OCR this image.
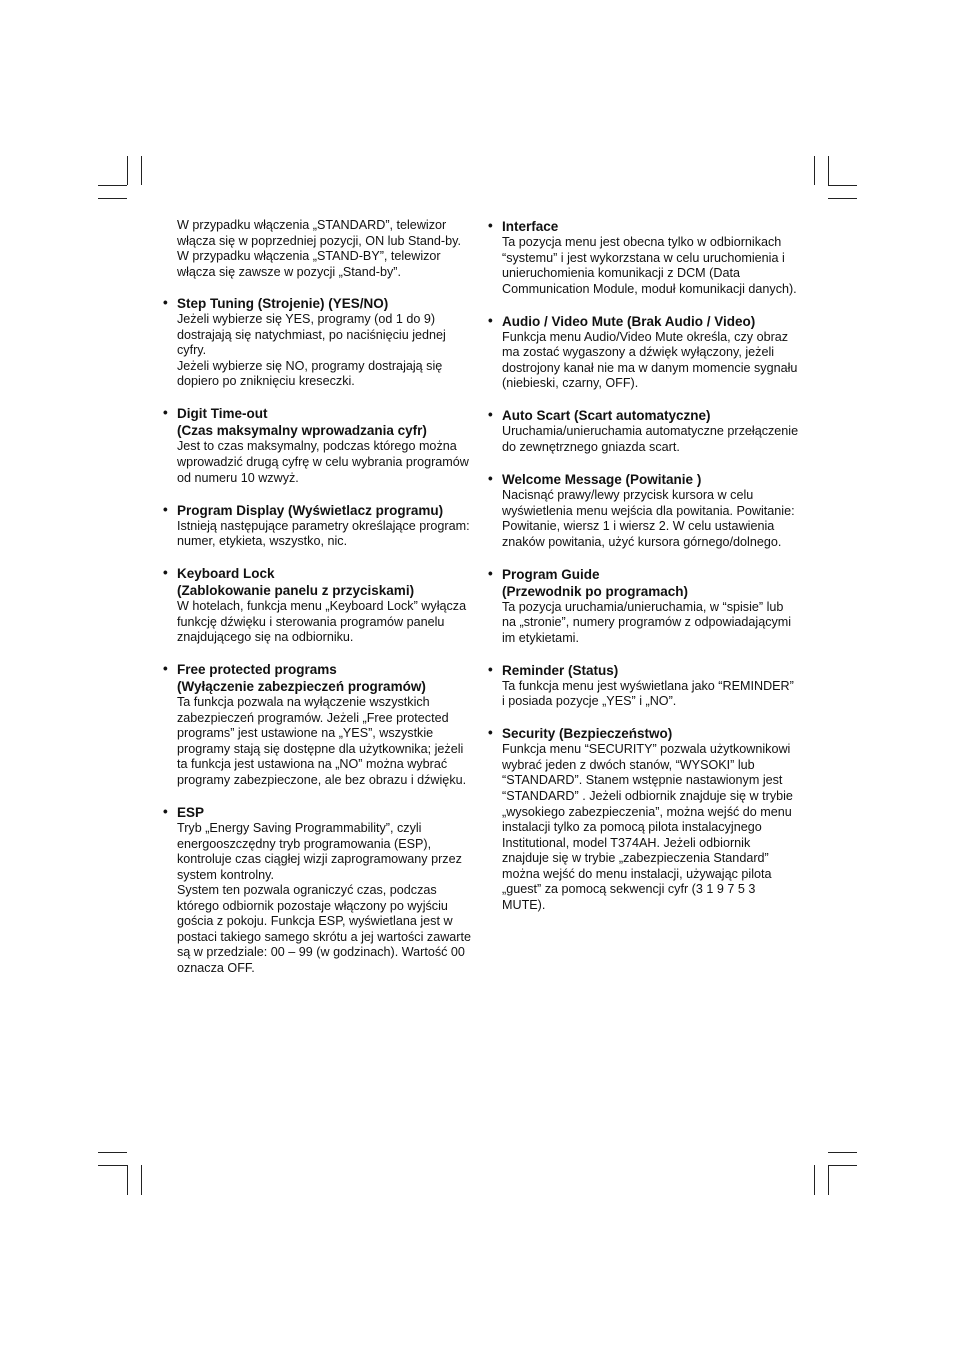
W przypadku włączenia „STANDARD”, telewizor włącza się w poprzedniej pozycji, ON lub Stand-by.

W przypadku włączenia „STAND-BY”, telewizor włącza się zawsze w pozycji „Stand-by”.

• Step Tuning (Strojenie) (YES/NO)

Jeżeli wybierze się YES, programy (od 1 do 9) dostrajają się natychmiast, po naciśnięciu jednej cyfry.

Jeżeli wybierze się NO, programy dostrajają się dopiero po zniknięciu kreseczki.

• Digit Time-out
(Czas maksymalny wprowadzania cyfr)

Jest to czas maksymalny, podczas którego można wprowadzić drugą cyfrę w celu wybrania programów od numeru 10 wzwyż.

• Program Display (Wyświetlacz programu)

Istnieją następujące parametry określające program: numer, etykieta, wszystko, nic.

• Keyboard Lock
(Zablokowanie panelu z przyciskami)

W hotelach, funkcja menu „Keyboard Lock” wyłącza funkcję dźwięku i sterowania programów panelu znajdującego się na odbiorniku.

• Free protected programs
(Wyłączenie zabezpieczeń programów)

Ta funkcja pozwala na wyłączenie wszystkich zabezpieczeń programów. Jeżeli „Free protected programs” jest ustawione na „YES”, wszystkie programy stają się dostępne dla użytkownika; jeżeli ta funkcja jest ustawiona na „NO” można wybrać programy zabezpieczone, ale bez obrazu i dźwięku.

• ESP

Tryb „Energy Saving Programmability”, czyli energooszczędny tryb programowania (ESP), kontroluje czas ciągłej wizji zaprogramowany przez system kontrolny.

System ten pozwala ograniczyć czas, podczas którego odbiornik pozostaje włączony po wyjściu gościa z pokoju. Funkcja ESP, wyświetlana jest w postaci takiego samego skrótu a jej wartości zawarte są w przedziale: 00 – 99 (w godzinach). Wartość 00 oznacza OFF.

• Interface

Ta pozycja menu jest obecna tylko w odbiornikach “systemu” i jest wykorzstana w celu uruchomienia i unieruchomienia komunikacji z DCM (Data Communication Module, moduł komunikacji danych).

• Audio / Video Mute (Brak Audio / Video)

Funkcja menu Audio/Video Mute określa, czy obraz ma zostać wygaszony a dźwięk wyłączony, jeżeli dostrojony kanał nie ma w danym momencie sygnału (niebieski, czarny, OFF).

• Auto Scart (Scart automatyczne)

Uruchamia/unieruchamia automatyczne przełączenie do zewnętrznego gniazda scart.

• Welcome Message (Powitanie )

Nacisnąć prawy/lewy przycisk kursora w celu wyświetlenia menu wejścia dla powitania. Powitanie: Powitanie, wiersz 1 i wiersz 2. W celu ustawienia znaków powitania, użyć kursora górnego/dolnego.

• Program Guide
(Przewodnik po programach)

Ta pozycja uruchamia/unieruchamia, w “spisie” lub na „stronie”, numery programów z odpowiadającymi im etykietami.

• Reminder (Status)

Ta funkcja menu jest wyświetlana jako “REMINDER” i posiada pozycje „YES” i „NO”.

• Security (Bezpieczeństwo)

Funkcja menu “SECURITY” pozwala użytkownikowi wybrać jeden z dwóch stanów, “WYSOKI” lub “STANDARD”. Stanem wstępnie nastawionym jest “STANDARD” . Jeżeli odbiornik znajduje się w trybie „wysokiego zabezpieczenia”, można wejść do menu instalacji tylko za pomocą pilota instalacyjnego Institutional, model T374AH. Jeżeli odbiornik znajduje się w trybie „zabezpieczenia Standard” można wejść do menu instalacji, używając pilota „guest” za pomocą sekwencji cyfr (3 1 9 7 5 3 MUTE).
